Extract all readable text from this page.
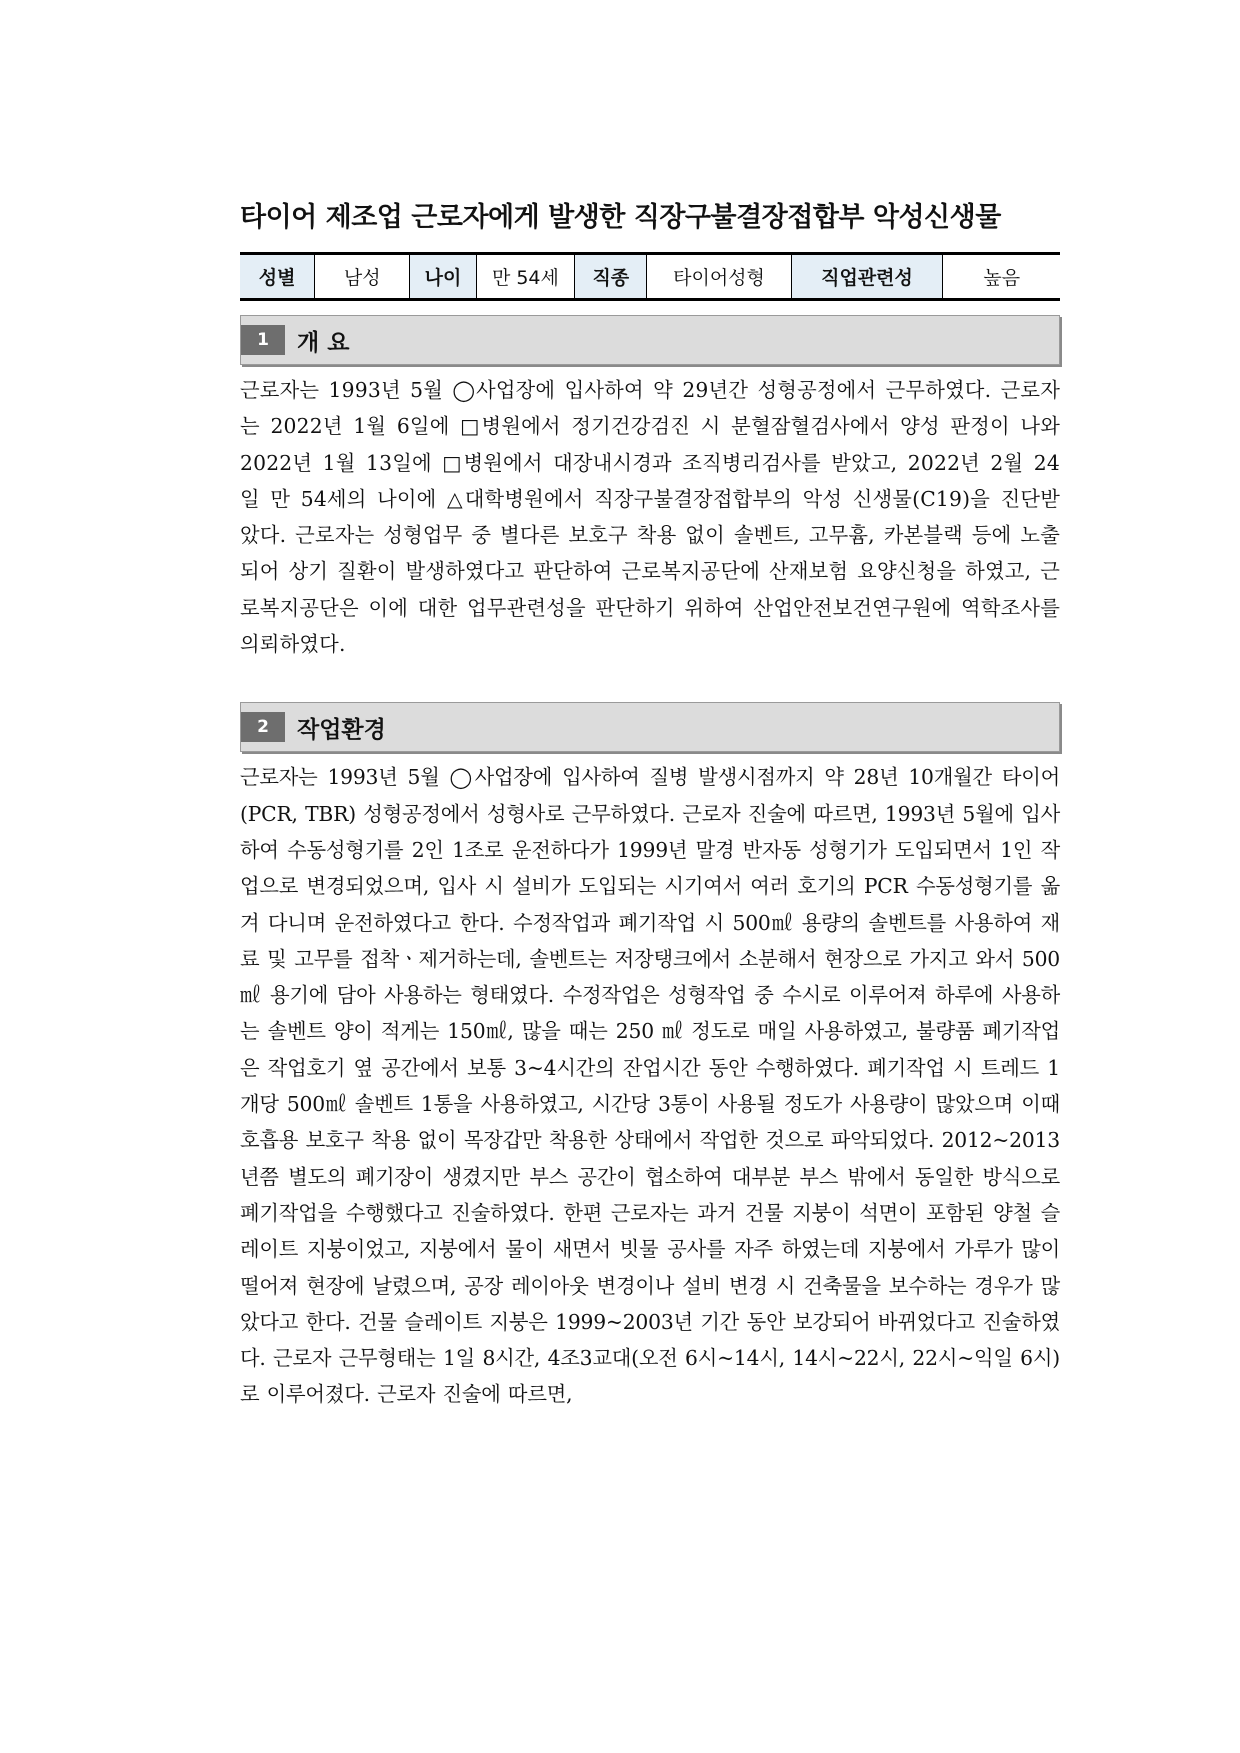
타이어 제조업 근로자에게 발생한 직장구불결장접합부 악성신생물
성별	남성	나이	만 54세	직종	타이어성형	직업관련성	높음
1	개 요

근로자는 1993년 5월 ◯사업장에 입사하여 약 29년간 성형공정에서 근무하였다. 근로자는 2022년 1월 6일에 □병원에서 정기건강검진 시 분혈잠혈검사에서 양성 판정이 나와 2022년 1월 13일에 □병원에서 대장내시경과 조직병리검사를 받았고, 2022년 2월 24일 만 54세의 나이에 △대학병원에서 직장구불결장접합부의 악성 신생물(C19)을 진단받았다. 근로자는 성형업무 중 별다른 보호구 착용 없이 솔벤트, 고무흄, 카본블랙 등에 노출되어 상기 질환이 발생하였다고 판단하여 근로복지공단에 산재보험 요양신청을 하였고, 근로복지공단은 이에 대한 업무관련성을 판단하기 위하여 산업안전보건연구원에 역학조사를 의뢰하였다.

2	작업환경

근로자는 1993년 5월 ◯사업장에 입사하여 질병 발생시점까지 약 28년 10개월간 타이어(PCR, TBR) 성형공정에서 성형사로 근무하였다. 근로자 진술에 따르면, 1993년 5월에 입사하여 수동성형기를 2인 1조로 운전하다가 1999년 말경 반자동 성형기가 도입되면서 1인 작업으로 변경되었으며, 입사 시 설비가 도입되는 시기여서 여러 호기의 PCR 수동성형기를 옮겨 다니며 운전하였다고 한다. 수정작업과 폐기작업 시 500㎖ 용량의 솔벤트를 사용하여 재료 및 고무를 접착ㆍ제거하는데, 솔벤트는 저장탱크에서 소분해서 현장으로 가지고 와서 500 ㎖ 용기에 담아 사용하는 형태였다. 수정작업은 성형작업 중 수시로 이루어져 하루에 사용하는 솔벤트 양이 적게는 150㎖, 많을 때는 250 ㎖ 정도로 매일 사용하였고, 불량품 폐기작업은 작업호기 옆 공간에서 보통 3~4시간의 잔업시간 동안 수행하였다. 폐기작업 시 트레드 1개당 500㎖ 솔벤트 1통을 사용하였고, 시간당 3통이 사용될 정도가 사용량이 많았으며 이때 호흡용 보호구 착용 없이 목장갑만 착용한 상태에서 작업한 것으로 파악되었다. 2012~2013년쯤 별도의 폐기장이 생겼지만 부스 공간이 협소하여 대부분 부스 밖에서 동일한 방식으로 폐기작업을 수행했다고 진술하였다. 한편 근로자는 과거 건물 지붕이 석면이 포함된 양철 슬레이트 지붕이었고, 지붕에서 물이 새면서 빗물 공사를 자주 하였는데 지붕에서 가루가 많이 떨어져 현장에 날렸으며, 공장 레이아웃 변경이나 설비 변경 시 건축물을 보수하는 경우가 많았다고 한다. 건물 슬레이트 지붕은 1999~2003년 기간 동안 보강되어 바뀌었다고 진술하였다. 근로자 근무형태는 1일 8시간, 4조3교대(오전 6시~14시, 14시~22시, 22시~익일 6시)로 이루어졌다. 근로자 진술에 따르면,
